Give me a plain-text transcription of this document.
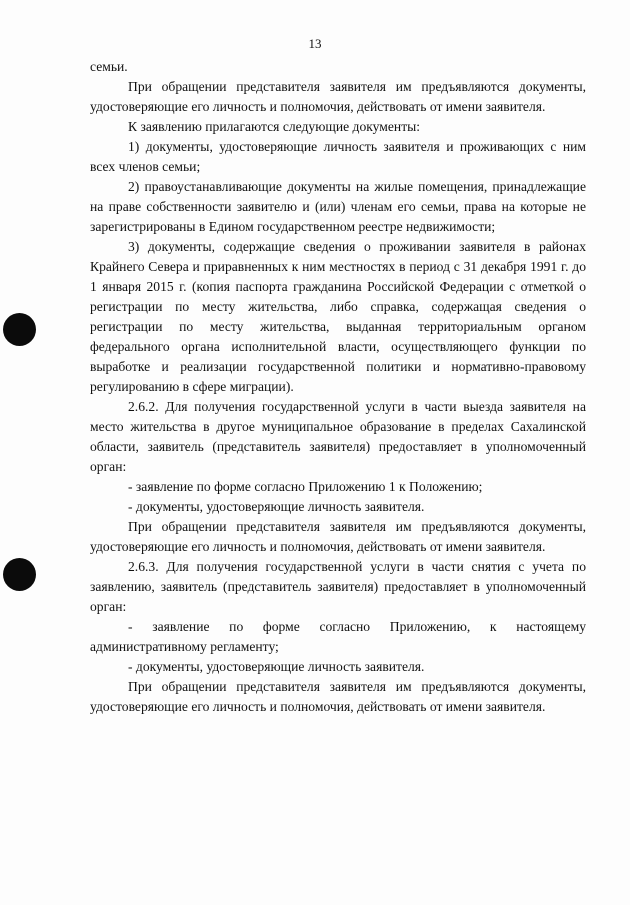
13

семьи.

При обращении представителя заявителя им предъявляются документы, удостоверяющие его личность и полномочия, действовать от имени заявителя.

К заявлению прилагаются следующие документы:

1) документы, удостоверяющие личность заявителя и проживающих с ним всех членов семьи;

2) правоустанавливающие документы на жилые помещения, принадлежащие на праве собственности заявителю и (или) членам его семьи, права на которые не зарегистрированы в Едином государственном реестре недвижимости;

3) документы, содержащие сведения о проживании заявителя в районах Крайнего Севера и приравненных к ним местностях в период с 31 декабря 1991 г. до 1 января 2015 г. (копия паспорта гражданина Российской Федерации с отметкой о регистрации по месту жительства, либо справка, содержащая сведения о регистрации по месту жительства, выданная территориальным органом федерального органа исполнительной власти, осуществляющего функции по выработке и реализации государственной политики и нормативно-правовому регулированию в сфере миграции).

2.6.2. Для получения государственной услуги в части выезда заявителя на место жительства в другое муниципальное образование в пределах Сахалинской области, заявитель (представитель заявителя) предоставляет в уполномоченный орган:

- заявление по форме согласно Приложению 1 к Положению;

- документы, удостоверяющие личность заявителя.

При обращении представителя заявителя им предъявляются документы, удостоверяющие его личность и полномочия, действовать от имени заявителя.

2.6.3. Для получения государственной услуги в части снятия с учета по заявлению, заявитель (представитель заявителя) предоставляет в уполномоченный орган:

- заявление по форме согласно Приложению, к настоящему административному регламенту;

- документы, удостоверяющие личность заявителя.

При обращении представителя заявителя им предъявляются документы, удостоверяющие его личность и полномочия, действовать от имени заявителя.
